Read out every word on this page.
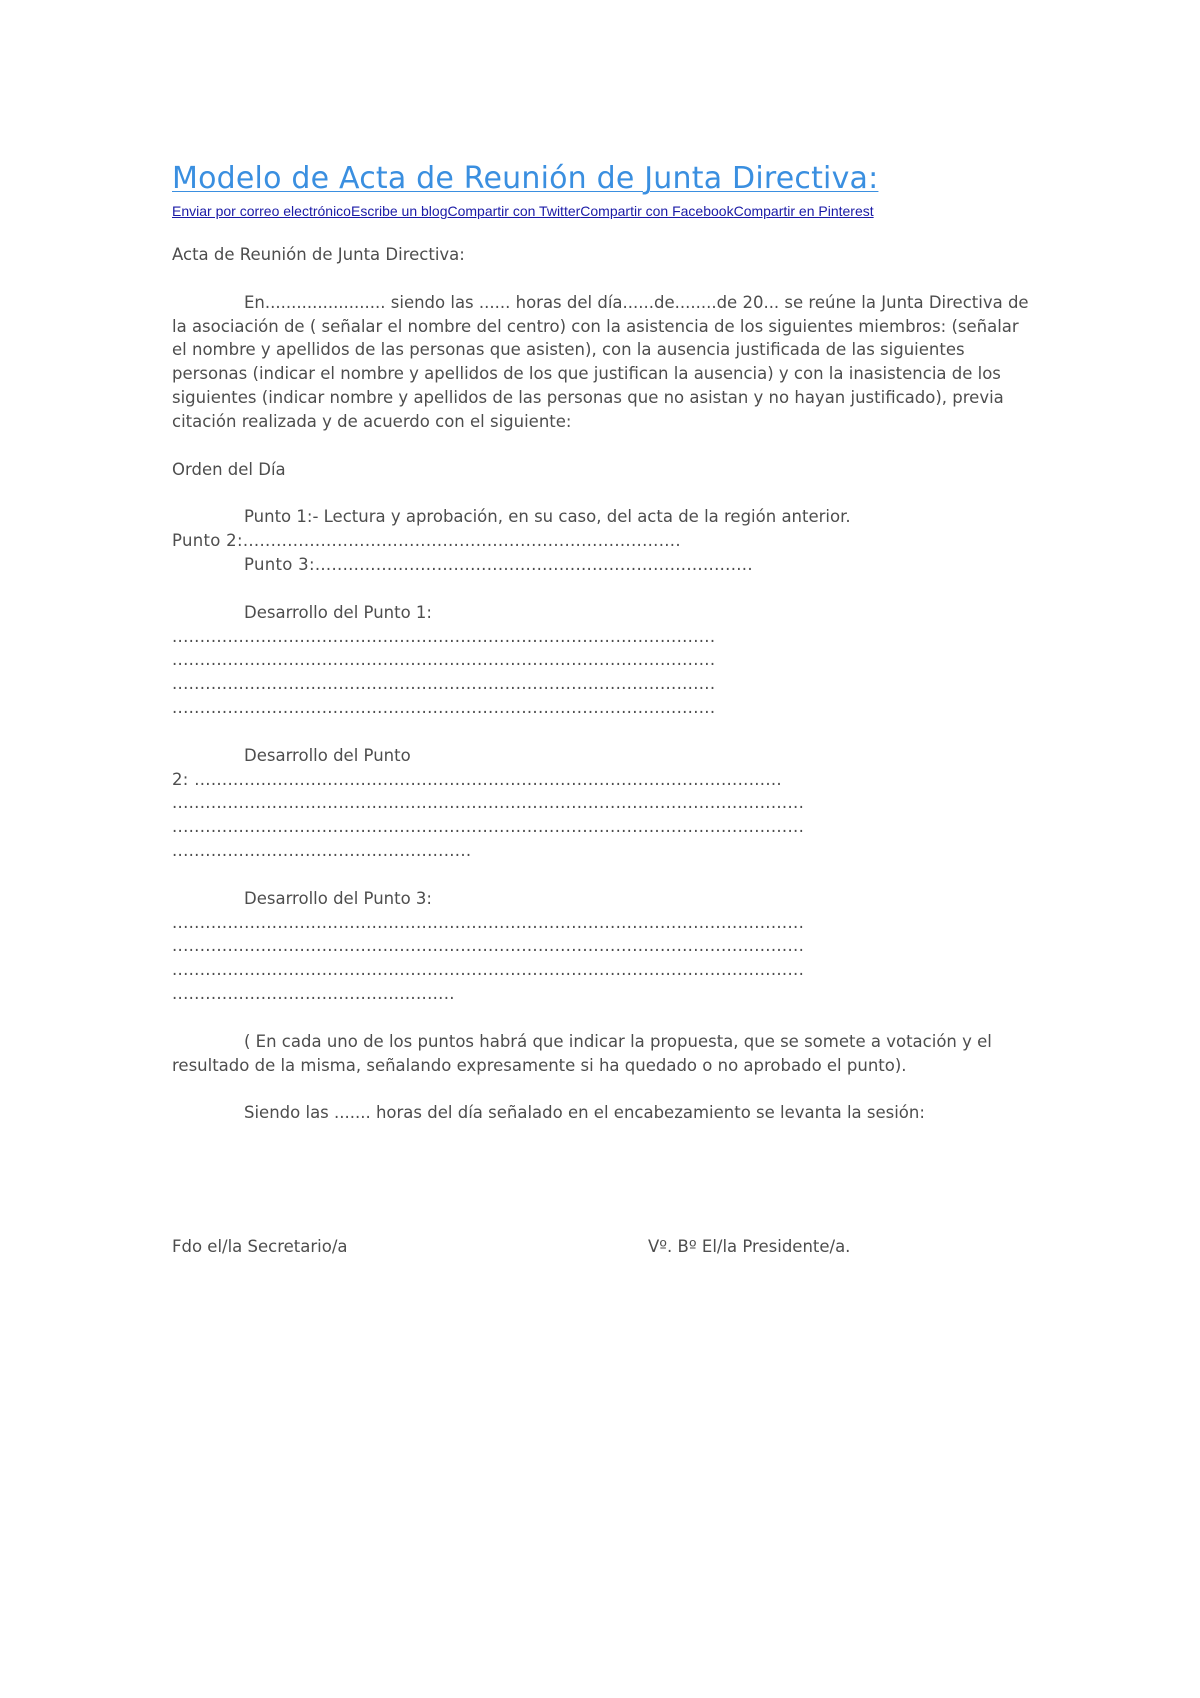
Modelo de Acta de Reunión de Junta Directiva:
Enviar por correo electrónicoEscribe un blogCompartir con TwitterCompartir con FacebookCompartir en Pinterest

Acta de Reunión de Junta Directiva:

En....................... siendo las ...... horas del día......de........de 20... se reúne la Junta Directiva de la asociación de ( señalar el nombre del centro) con la asistencia de los siguientes miembros: (señalar el nombre y apellidos de las personas que asisten), con la ausencia justificada de las siguientes personas (indicar el nombre y apellidos de los que justifican la ausencia) y con la inasistencia de los siguientes (indicar nombre y apellidos de las personas que no asistan y no hayan justificado), previa citación realizada y de acuerdo con el siguiente:

Orden del Día

Punto 1:- Lectura y aprobación, en su caso, del acta de la región anterior.

Punto 2:...............................................................................

Punto 3:...............................................................................

Desarrollo del Punto 1:

..................................................................................................

..................................................................................................

..................................................................................................

..................................................................................................

Desarrollo del Punto

2: ..........................................................................................................

..................................................................................................................

..................................................................................................................

......................................................

Desarrollo del Punto 3:

..................................................................................................................

..................................................................................................................

..................................................................................................................

...................................................

( En cada uno de los puntos habrá que indicar la propuesta, que se somete a votación y el resultado de la misma, señalando expresamente si ha quedado o no aprobado el punto).

Siendo las ....... horas del día señalado en el encabezamiento se levanta la sesión:

Fdo el/la Secretario/a	Vº. Bº El/la Presidente/a.
